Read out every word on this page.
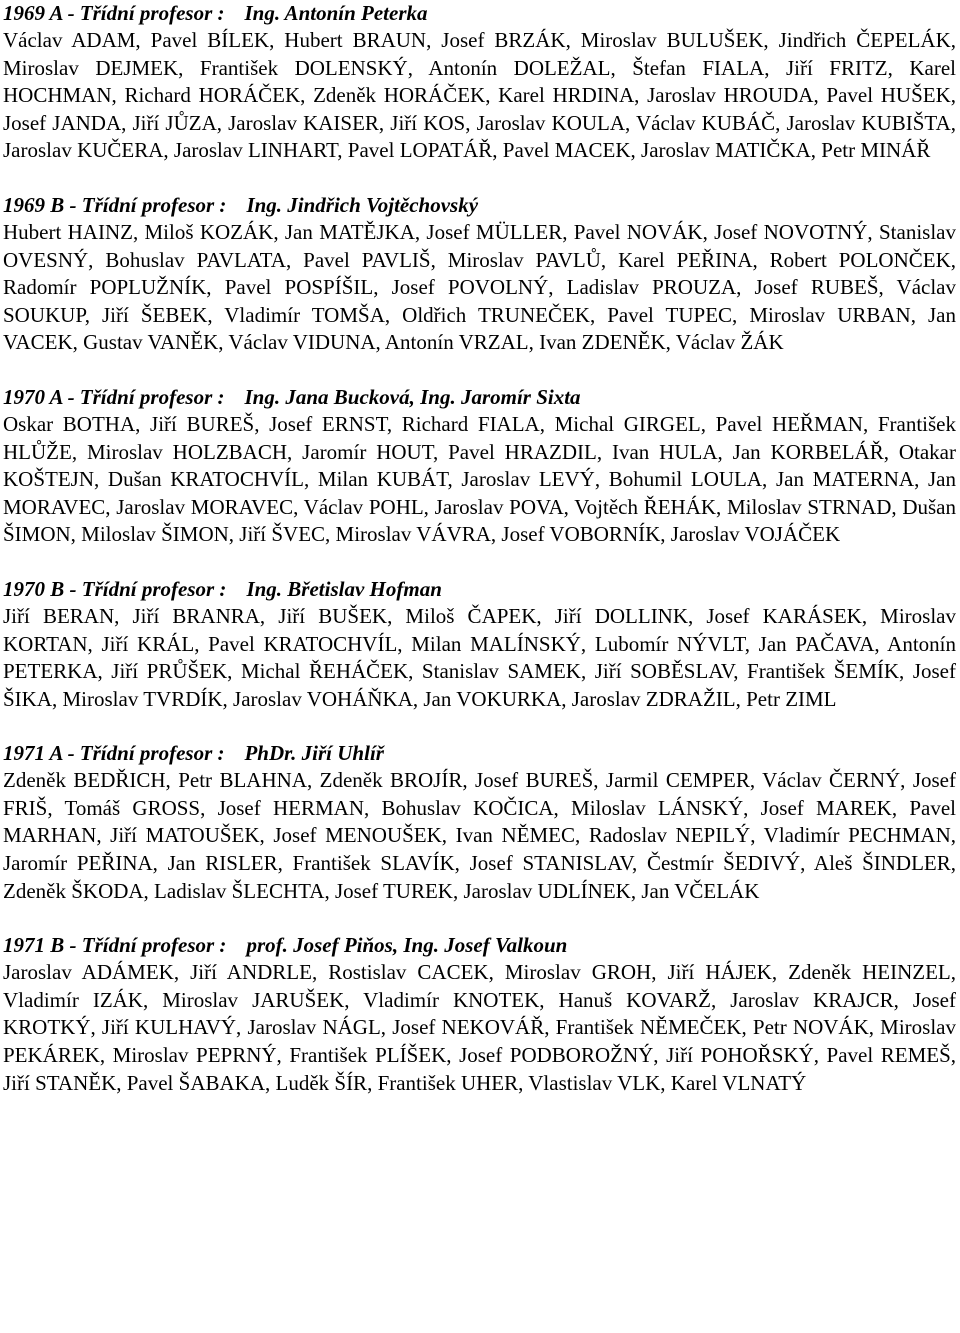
1969 A - Třídní profesor : Ing. Antonín Peterka
Václav ADAM, Pavel BÍLEK, Hubert BRAUN, Josef BRZÁK, Miroslav BULUŠEK, Jindřich ČEPELÁK, Miroslav DEJMEK, František DOLENSKÝ, Antonín DOLEŽAL, Štefan FIALA, Jiří FRITZ, Karel HOCHMAN, Richard HORÁČEK, Zdeněk HORÁČEK, Karel HRDINA, Jaroslav HROUDA, Pavel HUŠEK, Josef JANDA, Jiří JŮZA, Jaroslav KAISER, Jiří KOS, Jaroslav KOULA, Václav KUBÁČ, Jaroslav KUBIŠTA, Jaroslav KUČERA, Jaroslav LINHART, Pavel LOPATÁŘ, Pavel MACEK, Jaroslav MATIČKA, Petr MINÁŘ
1969 B - Třídní profesor : Ing. Jindřich Vojtěchovský
Hubert HAINZ, Miloš KOZÁK, Jan MATĚJKA, Josef MÜLLER, Pavel NOVÁK, Josef NOVOTNÝ, Stanislav OVESNÝ, Bohuslav PAVLATA, Pavel PAVLIŠ, Miroslav PAVLŮ, Karel PEŘINA, Robert POLONČEK, Radomír POPLUŽNÍK, Pavel POSPÍŠIL, Josef POVOLNÝ, Ladislav PROUZA, Josef RUBEŠ, Václav SOUKUP, Jiří ŠEBEK, Vladimír TOMŠA, Oldřich TRUNEČEK, Pavel TUPEC, Miroslav URBAN, Jan VACEK, Gustav VANĚK, Václav VIDUNA, Antonín VRZAL, Ivan ZDENĚK, Václav ŽÁK
1970 A - Třídní profesor : Ing. Jana Bucková, Ing. Jaromír Sixta
Oskar BOTHA, Jiří BUREŠ, Josef ERNST, Richard FIALA, Michal GIRGEL, Pavel HEŘMAN, František HLŮŽE, Miroslav HOLZBACH, Jaromír HOUT, Pavel HRAZDIL, Ivan HULA, Jan KORBELÁŘ, Otakar KOŠTEJN, Dušan KRATOCHVÍL, Milan KUBÁT, Jaroslav LEVÝ, Bohumil LOULA, Jan MATERNA, Jan MORAVEC, Jaroslav MORAVEC, Václav POHL, Jaroslav POVA, Vojtěch ŘEHÁK, Miloslav STRNAD, Dušan ŠIMON, Miloslav ŠIMON, Jiří ŠVEC, Miroslav VÁVRA, Josef VOBORNÍK, Jaroslav VOJÁČEK
1970 B - Třídní profesor : Ing. Břetislav Hofman
Jiří BERAN, Jiří BRANRA, Jiří BUŠEK, Miloš ČAPEK, Jiří DOLLINK, Josef KARÁSEK, Miroslav KORTAN, Jiří KRÁL, Pavel KRATOCHVÍL, Milan MALÍNSKÝ, Lubomír NÝVLT, Jan PAČAVA, Antonín PETERKA, Jiří PRŮŠEK, Michal ŘEHÁČEK, Stanislav SAMEK, Jiří SOBĚSLAV, František ŠEMÍK, Josef ŠIKA, Miroslav TVRDÍK, Jaroslav VOHÁŇKA, Jan VOKURKA, Jaroslav ZDRAŽIL, Petr ZIML
1971 A - Třídní profesor : PhDr. Jiří Uhlíř
Zdeněk BEDŘICH, Petr BLAHNA, Zdeněk BROJÍR, Josef BUREŠ, Jarmil CEMPER, Václav ČERNÝ, Josef FRIŠ, Tomáš GROSS, Josef HERMAN, Bohuslav KOČICA, Miloslav LÁNSKÝ, Josef MAREK, Pavel MARHAN, Jiří MATOUŠEK, Josef MENOUŠEK, Ivan NĚMEC, Radoslav NEPILÝ, Vladimír PECHMAN, Jaromír PEŘINA, Jan RISLER, František SLAVÍK, Josef STANISLAV, Čestmír ŠEDIVÝ, Aleš ŠINDLER, Zdeněk ŠKODA, Ladislav ŠLECHTA, Josef TUREK, Jaroslav UDLÍNEK, Jan VČELÁK
1971 B - Třídní profesor : prof. Josef Piňos, Ing. Josef Valkoun
Jaroslav ADÁMEK, Jiří ANDRLE, Rostislav CACEK, Miroslav GROH, Jiří HÁJEK, Zdeněk HEINZEL, Vladimír IZÁK, Miroslav JARUŠEK, Vladimír KNOTEK, Hanuš KOVARŽ, Jaroslav KRAJCR, Josef KROTKÝ, Jiří KULHAVÝ, Jaroslav NÁGL, Josef NEKOVÁŘ, František NĚMEČEK, Petr NOVÁK, Miroslav PEKÁREK, Miroslav PEPRNÝ, František PLÍŠEK, Josef PODBOROŽNÝ, Jiří POHOŘSKÝ, Pavel REMEŠ, Jiří STANĚK, Pavel ŠABAKA, Luděk ŠÍR, František UHER, Vlastislav VLK, Karel VLNATÝ
